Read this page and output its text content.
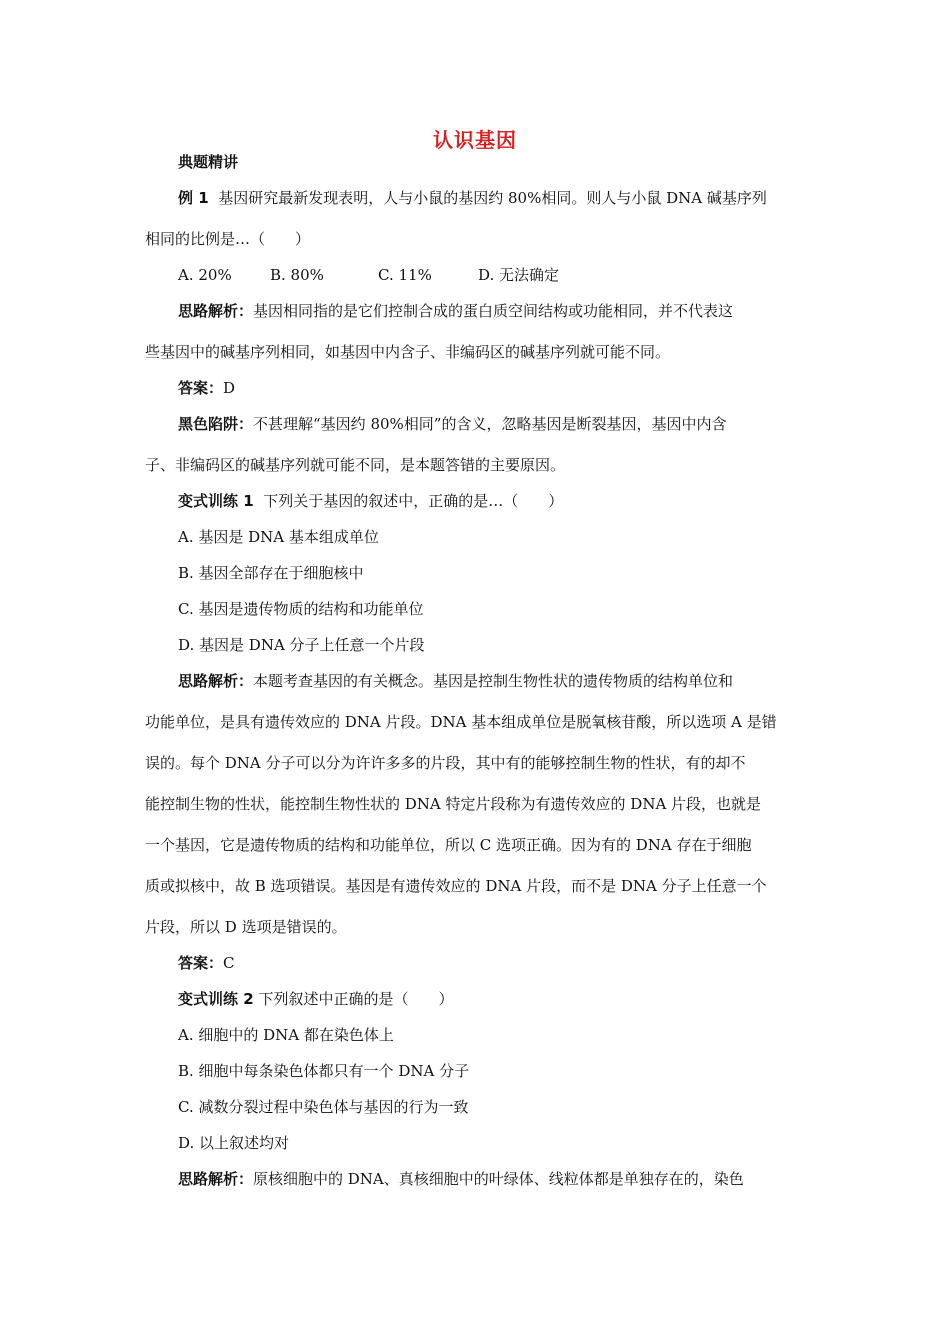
认识基因
典题精讲
例 1 基因研究最新发现表明，人与小鼠的基因约 80%相同。则人与小鼠 DNA 碱基序列
相同的比例是…（　　）
A. 20%	B. 80%	C. 11%	D. 无法确定
思路解析：基因相同指的是它们控制合成的蛋白质空间结构或功能相同，并不代表这
些基因中的碱基序列相同，如基因中内含子、非编码区的碱基序列就可能不同。
答案：D
黑色陷阱：不甚理解“基因约 80%相同”的含义，忽略基因是断裂基因，基因中内含
子、非编码区的碱基序列就可能不同，是本题答错的主要原因。
变式训练 1 下列关于基因的叙述中，正确的是…（　　）
A. 基因是 DNA 基本组成单位
B. 基因全部存在于细胞核中
C. 基因是遗传物质的结构和功能单位
D. 基因是 DNA 分子上任意一个片段
思路解析：本题考查基因的有关概念。基因是控制生物性状的遗传物质的结构单位和
功能单位，是具有遗传效应的 DNA 片段。DNA 基本组成单位是脱氧核苷酸，所以选项 A 是错
误的。每个 DNA 分子可以分为许许多多的片段，其中有的能够控制生物的性状，有的却不
能控制生物的性状，能控制生物性状的 DNA 特定片段称为有遗传效应的 DNA 片段，也就是
一个基因，它是遗传物质的结构和功能单位，所以 C 选项正确。因为有的 DNA 存在于细胞
质或拟核中，故 B 选项错误。基因是有遗传效应的 DNA 片段，而不是 DNA 分子上任意一个
片段，所以 D 选项是错误的。
答案：C
变式训练 2 下列叙述中正确的是（　　）
A. 细胞中的 DNA 都在染色体上
B. 细胞中每条染色体都只有一个 DNA 分子
C. 减数分裂过程中染色体与基因的行为一致
D. 以上叙述均对
思路解析：原核细胞中的 DNA、真核细胞中的叶绿体、线粒体都是单独存在的，染色
